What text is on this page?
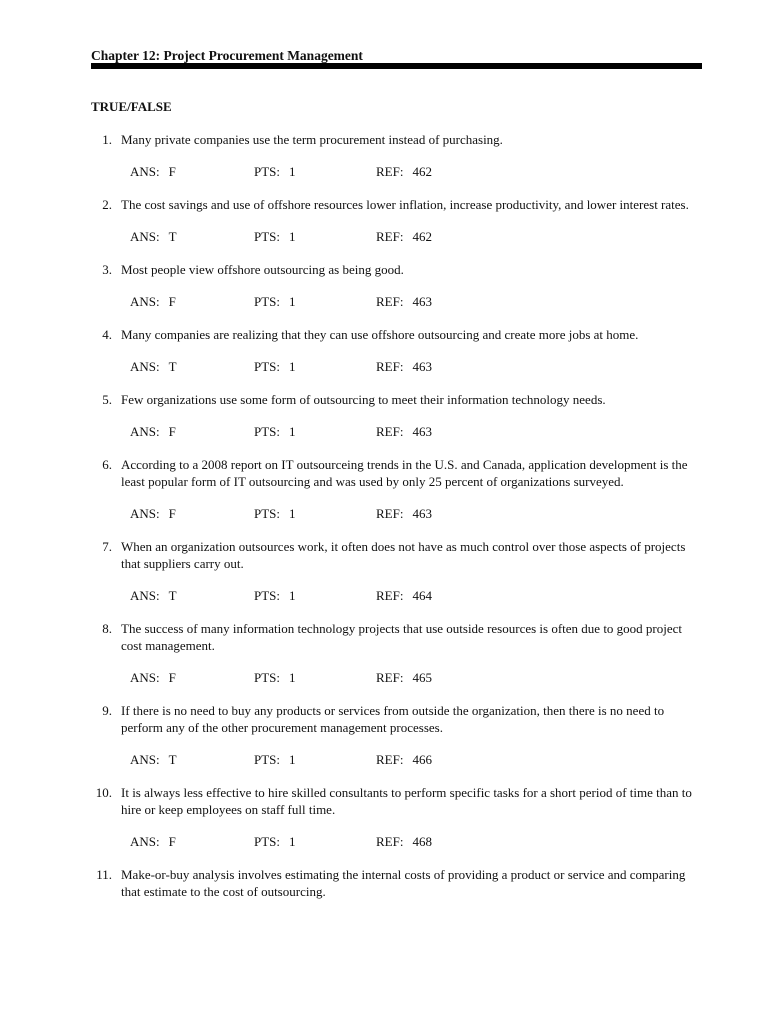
Chapter 12: Project Procurement Management
TRUE/FALSE
1. Many private companies use the term procurement instead of purchasing.
ANS: F	PTS: 1	REF: 462
2. The cost savings and use of offshore resources lower inflation, increase productivity, and lower interest rates.
ANS: T	PTS: 1	REF: 462
3. Most people view offshore outsourcing as being good.
ANS: F	PTS: 1	REF: 463
4. Many companies are realizing that they can use offshore outsourcing and create more jobs at home.
ANS: T	PTS: 1	REF: 463
5. Few organizations use some form of outsourcing to meet their information technology needs.
ANS: F	PTS: 1	REF: 463
6. According to a 2008 report on IT outsourceing trends in the U.S. and Canada, application development is the least popular form of IT outsourcing and was used by only 25 percent of organizations surveyed.
ANS: F	PTS: 1	REF: 463
7. When an organization outsources work, it often does not have as much control over those aspects of projects that suppliers carry out.
ANS: T	PTS: 1	REF: 464
8. The success of many information technology projects that use outside resources is often due to good project cost management.
ANS: F	PTS: 1	REF: 465
9. If there is no need to buy any products or services from outside the organization, then there is no need to perform any of the other procurement management processes.
ANS: T	PTS: 1	REF: 466
10. It is always less effective to hire skilled consultants to perform specific tasks for a short period of time than to hire or keep employees on staff full time.
ANS: F	PTS: 1	REF: 468
11. Make-or-buy analysis involves estimating the internal costs of providing a product or service and comparing that estimate to the cost of outsourcing.
